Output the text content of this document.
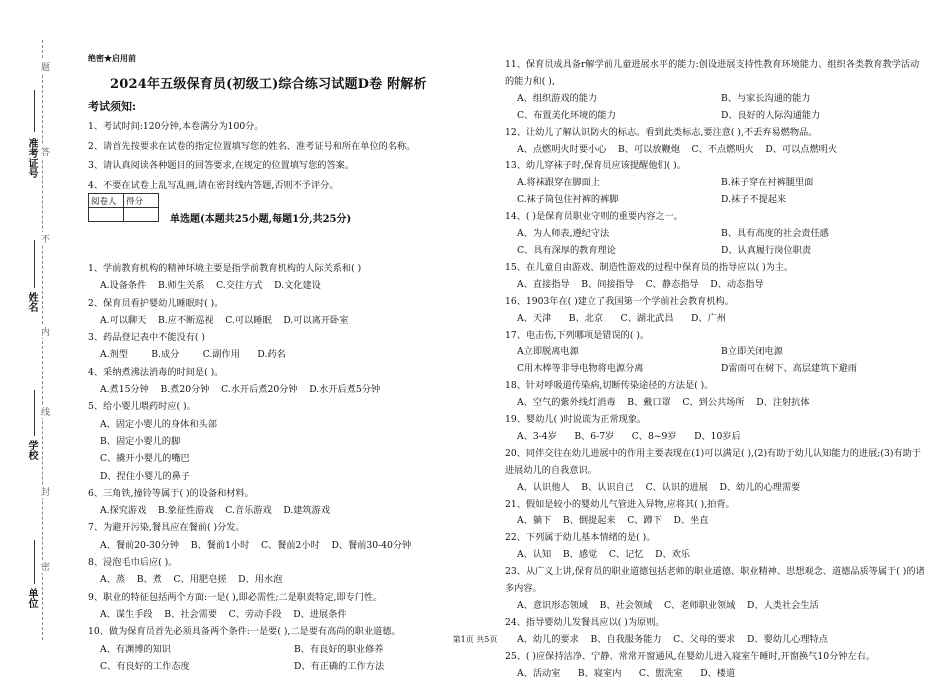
题
答
不
内
线
封
密
准考证号
姓名
学校
单位
绝密★启用前
2024年五级保育员(初级工)综合练习试题D卷 附解析
考试须知:
1、考试时间:120分钟,本卷满分为100分。
2、请首先按要求在试卷的指定位置填写您的姓名、准考证号和所在单位的名称。
3、请认真阅读各种题目的回答要求,在规定的位置填写您的答案。
4、不要在试卷上乱写乱画,请在密封线内答题,否则不予评分。
阅卷人	得分

单选题(本题共25小题,每题1分,共25分)
1、学前教育机构的精神环境主要是指学前教育机构的人际关系和( )
A.设备条件    B.师生关系    C.交往方式    D.文化建设
2、保育员看护婴幼儿睡眠时( )。
A.可以聊天    B.应不断巡视    C.可以睡眠    D.可以离开卧室
3、药品登记表中不能没有( )
A.剂型        B.成分        C.副作用      D.药名
4、采纳煮沸法消毒的时间是( )。
A.煮15分钟    B.煮20分钟    C.水开后煮20分钟    D.水开后煮5分钟
5、给小婴儿喂药时应( )。
A、固定小婴儿的身体和头部
B、固定小婴儿的脚
C、撬开小婴儿的嘴巴
D、捏住小婴儿的鼻子
6、三角铁,撞铃等属于( )的设备和材料。
A.探究游戏    B.象征性游戏    C.音乐游戏    D.建筑游戏
7、为避开污染,餐具应在餐前( )分发。
A、餐前20-30分钟    B、餐前1小时    C、餐前2小时    D、餐前30-40分钟
8、浸泡毛巾后应( )。
A、蒸    B、煮    C、用肥皂搓    D、用水泡
9、职业的特征包括两个方面:一是( ),即必需性;二是职责特定,即专门性。
A、谋生手段    B、社会需要    C、劳动手段    D、进展条件
10、做为保育员首先必须具备两个条件:一是要( ),二是要有高尚的职业道德。
A、有渊博的知识	B、有良好的职业修养
C、有良好的工作态度	D、有正确的工作方法
11、保育员成具备r解学前儿童进展水平的能力:创设进展支持性教育环境能力、组织各类教育教学活动的能力和( ),
A、组织游戏的能力	B、与家长沟通的能力
C、布置美化环境的能力	D、良好的人际沟通能力
12、让幼儿了解认识防火的标志。看到此类标志,要注意( ),不丢弃易燃物品。
A、点燃明火时要小心    B、可以放鞭炮    C、不点燃明火    D、可以点燃明火
13、幼儿穿袜子时,保育员应该提醒他们( )。
A.将袜跟穿在脚面上	B.袜子穿在衬裤腿里面
C.袜子筒包住衬裤的裤脚	D.袜子不提起来
14、( )是保育员职业守则的重要内容之一。
A、为人师表,遵纪守法	B、具有高度的社会责任感
C、具有深厚的教育理论	D、认真履行岗位职责
15、在儿童自由游戏、制造性游戏的过程中保育员的指导应以( )为主。
A、直接指导    B、间接指导    C、静态指导    D、动态指导
16、1903年在( )建立了我国第一个学前社会教育机构。
A、天津      B、北京      C、湖北武昌      D、广州
17、电击伤,下列哪项是错误的( )。
A立即脱离电源	B立即关闭电源
C用木棒等非导电物将电源分离	D雷雨可在树下、高层建筑下避雨
18、针对呼吸道传染病,切断传染途径的方法是( )。
A、空气的紫外线灯消毒    B、戴口罩    C、到公共场所    D、注射抗体
19、婴幼儿( )时说谎为正常现象。
A、3-4岁      B、6-7岁      C、8~9岁      D、10岁后
20、同伴交往在幼儿进展中的作用主要表现在(1)可以满足( ),(2)有助于幼儿认知能力的进展;(3)有助于进展幼儿的自我意识。
A、认识他人    B、认识自己    C、认识的进展    D、幼儿的心理需要
21、假如是较小的婴幼儿气管进入异物,应将其( ),拍背。
A、躺下    B、倒提起来    C、蹲下    D、坐直
22、下列属于幼儿基本情绪的是( )。
A、认知    B、感觉    C、记忆    D、欢乐
23、从广义上讲,保育员的职业道德包括老师的职业道德、职业精神、思想观念、道德品质等属于( )的诸多内容。
A、意识形态领域    B、社会领域    C、老师职业领域    D、人类社会生活
24、指导婴幼儿发餐具应以( )为原则。
A、幼儿的要求    B、自我服务能力    C、父母的要求    D、婴幼儿心理特点
25、( )应保持洁净、宁静、常常开窗通风,在婴幼儿进入寝室午睡时,开窗换气10分钟左右。
A、活动室      B、寝室内      C、盥洗室      D、楼道
第1页 共5页
